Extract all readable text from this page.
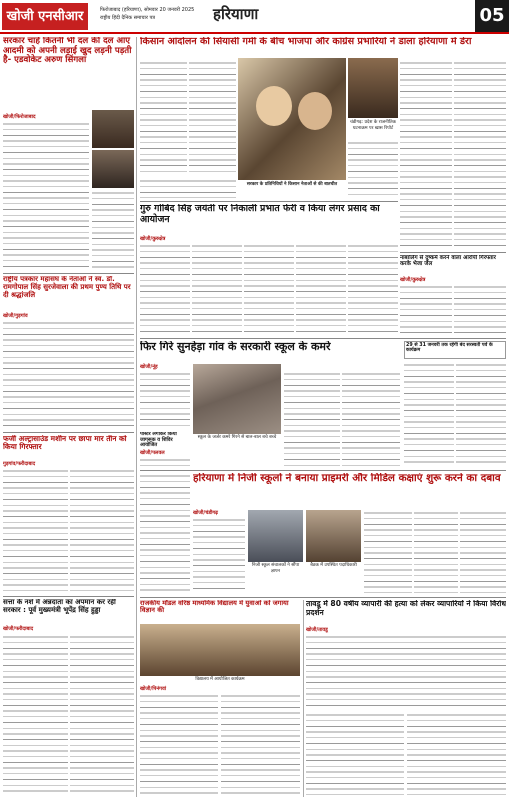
खोजी एनसीआर	फिरोजाबाद (हरियाणा), सोमवार 20 जनवरी 2025
राष्ट्रीय हिंदी दैनिक समाचार पत्र	हरियाणा	05
सरकार चाहे कितनी भी दल की दल आए आदमी को अपनी लड़ाई खुद लड़नी पड़ती है- एडवोकेट अरुण सिंगला
खोजी/फिरोजाबाद
राष्ट्रीय पत्रकार महासंघ के नेताओं ने स्व. डॉ. रामगोपाल सिंह सुरजेवाला की प्रथम पुण्य तिथि पर दी श्रद्धांजलि
खोजी/गुड़गांव
फर्जी अल्ट्रासाउंड मशीन पर छापा मार तीन को किया गिरफ्तार
गुड़गांव/फरीदाबाद
सत्ता के नशे में अन्नदाता का अपमान कर रही सरकार : पूर्व मुख्यमंत्री भूपेंद्र सिंह हुड्डा
खोजी/फरीदाबाद
किसान आंदोलन की सियासी गर्मी के बीच भाजपा और कांग्रेस प्रभारियों ने डाला हरियाणा में डेरा
सरकार के प्रतिनिधियों ने किसान नेताओं से की बातचीत
चंडीगढ़: प्रदेश के राजनीतिक घटनाक्रम पर खास रिपोर्ट
गुरु गोबिंद सिंह जयंती पर निकाली प्रभात फेरी व किया लंगर प्रसाद का आयोजन
खोजी/कुरुक्षेत्र
नाबालिग से दुष्कर्म करने वाला आरोपी गिरफ्तार करके भेजा जेल
खोजी/कुरुक्षेत्र
फिर गिरे सुनहेड़ा गांव के सरकारी स्कूल के कमरे
खोजी/नूंह
स्कूल के जर्जर कमरे गिरने से बाल-बाल बचे बच्चे
29 से 31 जनवरी तक रहेगी बंद सरस्वती पर्व के कार्यक्रम
पोस्टर लगाकर किया जागरूक व शिविर आयोजित
खोजी/पलवल
हरियाणा में निजी स्कूलों ने बनाया प्राइमरी और मिडिल कक्षाएं शुरू करने का दबाव
खोजी/चंडीगढ़
निजी स्कूल संचालकों ने सौंपा ज्ञापन
बैठक में उपस्थित पदाधिकारी
राजकीय मॉडल वरिष्ठ माध्यमिक विद्यालय में युवाओं को जगाया विज्ञान की
विद्यालय में आयोजित कार्यक्रम
खोजी/पिनंगवां
तावडू में 80 वर्षीय व्यापारी की हत्या को लेकर व्यापारियों ने किया विरोध प्रदर्शन
खोजी/तावडू
